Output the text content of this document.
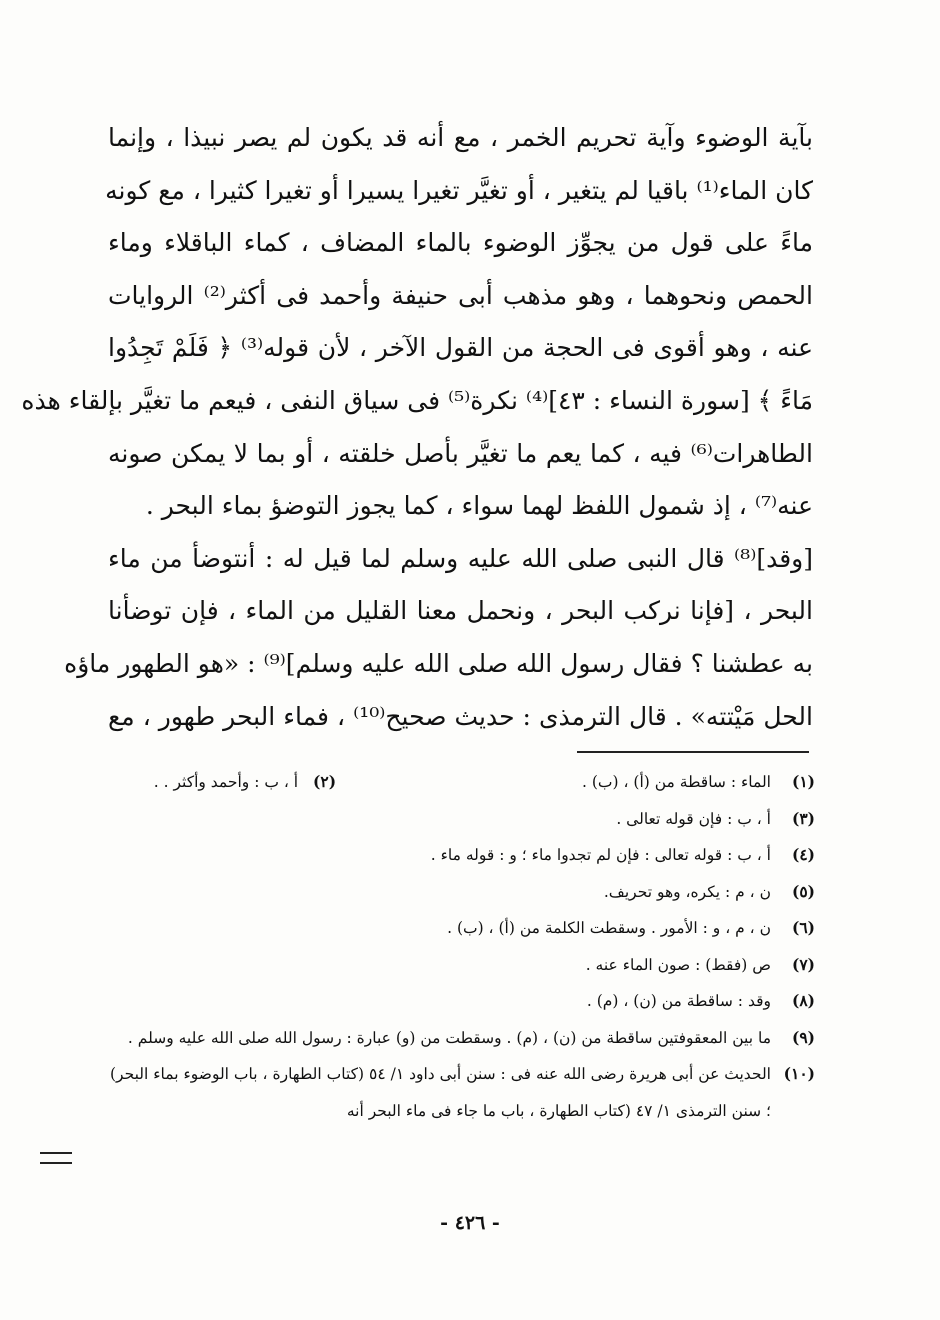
بآية الوضوء وآية تحريم الخمر ، مع أنه قد يكون لم يصر نبيذا ، وإنما
كان الماء⁽¹⁾ باقيا لم يتغير ، أو تغيَّر تغيرا يسيرا أو تغيرا كثيرا ، مع كونه
ماءً على قول من يجوِّز الوضوء بالماء المضاف ، كماء الباقلاء وماء
الحمص ونحوهما ، وهو مذهب أبى حنيفة وأحمد فى أكثر⁽²⁾ الروايات
عنه ، وهو أقوى فى الحجة من القول الآخر ، لأن قوله⁽³⁾ ﴿ فَلَمْ تَجِدُوا
مَاءً ﴾ [سورة النساء : ٤٣]⁽⁴⁾ نكرة⁽⁵⁾ فى سياق النفى ، فيعم ما تغيَّر بإلقاء هذه
الطاهرات⁽⁶⁾ فيه ، كما يعم ما تغيَّر بأصل خلقته ، أو بما لا يمكن صونه
عنه⁽⁷⁾ ، إذ شمول اللفظ لهما سواء ، كما يجوز التوضؤ بماء البحر .
[وقد]⁽⁸⁾ قال النبى صلى الله عليه وسلم لما قيل له : أنتوضأ من ماء
البحر ، [فإنا نركب البحر ، ونحمل معنا القليل من الماء ، فإن توضأنا
به عطشنا ؟ فقال رسول الله صلى الله عليه وسلم]⁽⁹⁾ : «هو الطهور ماؤه
الحل مَيْتته» . قال الترمذى : حديث صحيح⁽¹⁰⁾ ، فماء البحر طهور ، مع
(١)
الماء : ساقطة من (أ) ، (ب) . (٢) أ ، ب : وأحمد وأكثر . .
(٣)
أ ، ب : فإن قوله تعالى .
(٤)
أ ، ب : قوله تعالى : فإن لم تجدوا ماء ؛ و : قوله ماء .
(٥)
ن ، م : يكره، وهو تحريف.
(٦)
ن ، م ، و : الأمور . وسقطت الكلمة من (أ) ، (ب) .
(٧)
ص (فقط) : صون الماء عنه .
(٨)
وقد : ساقطة من (ن) ، (م) .
(٩)
ما بين المعقوفتين ساقطة من (ن) ، (م) . وسقطت من (و) عبارة : رسول الله صلى الله عليه وسلم .
(١٠)
الحديث عن أبى هريرة رضى الله عنه فى : سنن أبى داود ١/ ٥٤ (كتاب الطهارة ، باب الوضوء بماء البحر) ؛ سنن الترمذى ١/ ٤٧ (كتاب الطهارة ، باب ما جاء فى ماء البحر أنه
- ٤٢٦ -
